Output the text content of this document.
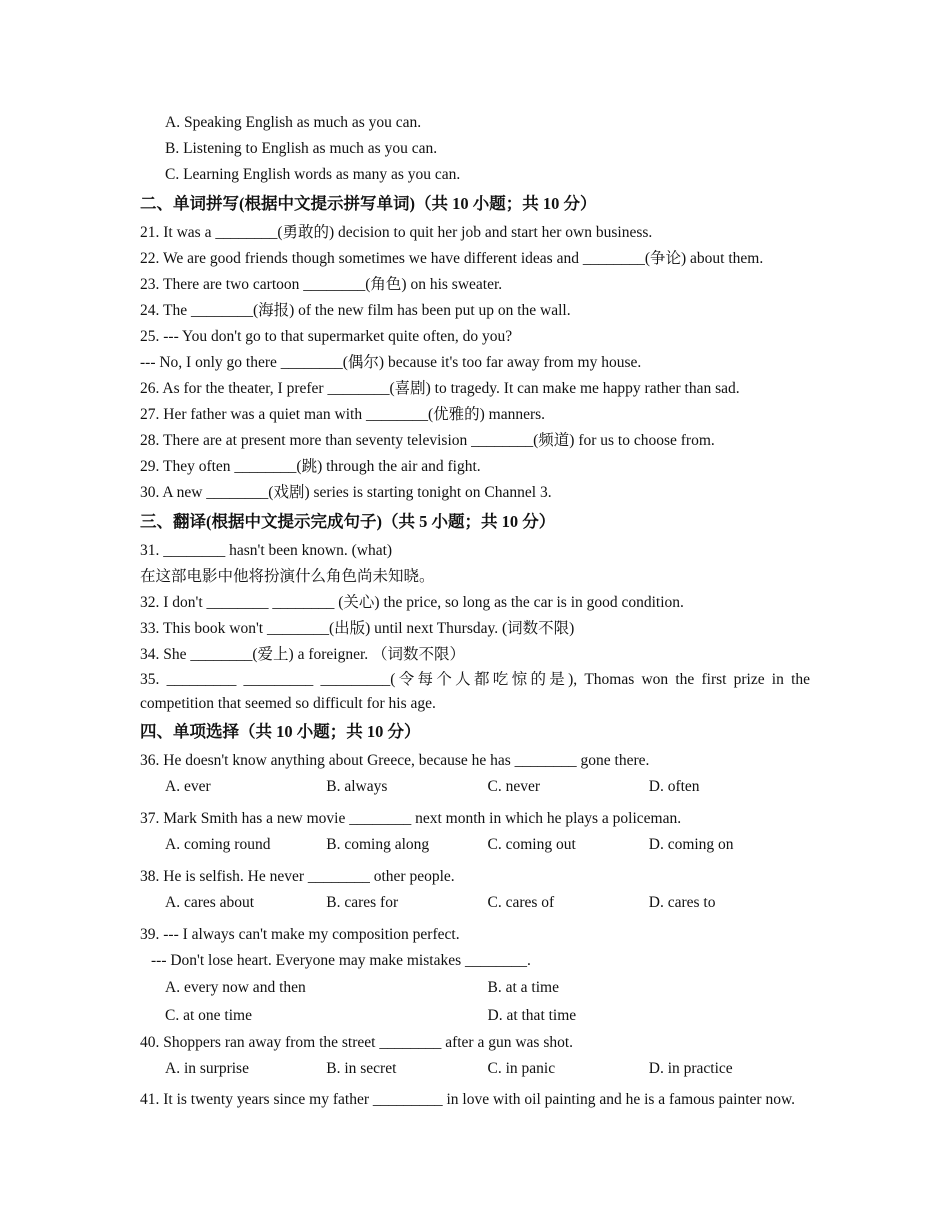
A. Speaking English as much as you can.
B. Listening to English as much as you can.
C. Learning English words as many as you can.
二、单词拼写(根据中文提示拼写单词)（共 10 小题；共 10 分）
21. It was a ________(勇敢的) decision to quit her job and start her own business.
22. We are good friends though sometimes we have different ideas and ________(争论) about them.
23. There are two cartoon ________(角色) on his sweater.
24. The ________(海报) of the new film has been put up on the wall.
25. --- You don't go to that supermarket quite often, do you?
--- No, I only go there ________(偶尔) because it's too far away from my house.
26. As for the theater, I prefer ________(喜剧) to tragedy. It can make me happy rather than sad.
27. Her father was a quiet man with ________(优雅的) manners.
28. There are at present more than seventy television ________(频道) for us to choose from.
29. They often ________(跳) through the air and fight.
30. A new ________(戏剧) series is starting tonight on Channel 3.
三、翻译(根据中文提示完成句子)（共 5 小题；共 10 分）
31. ________ hasn't been known. (what)
在这部电影中他将扮演什么角色尚未知晓。
32. I don't ________ ________ (关心) the price, so long as the car is in good condition.
33. This book won't ________(出版) until next Thursday. (词数不限)
34. She ________(爱上) a foreigner. （词数不限）
35. _________ _________ _________(令每个人都吃惊的是), Thomas won the first prize in the competition that seemed so difficult for his age.
四、单项选择（共 10 小题；共 10 分）
36. He doesn't know anything about Greece, because he has ________ gone there.
A. ever	B. always	C. never	D. often
37. Mark Smith has a new movie ________ next month in which he plays a policeman.
A. coming round	B. coming along	C. coming out	D. coming on
38. He is selfish. He never ________ other people.
A. cares about	B. cares for	C. cares of	D. cares to
39. --- I always can't make my composition perfect.
--- Don't lose heart. Everyone may make mistakes ________.
A. every now and then	B. at a time
C. at one time	D. at that time
40. Shoppers ran away from the street ________ after a gun was shot.
A. in surprise	B. in secret	C. in panic	D. in practice
41. It is twenty years since my father _________ in love with oil painting and he is a famous painter now.
